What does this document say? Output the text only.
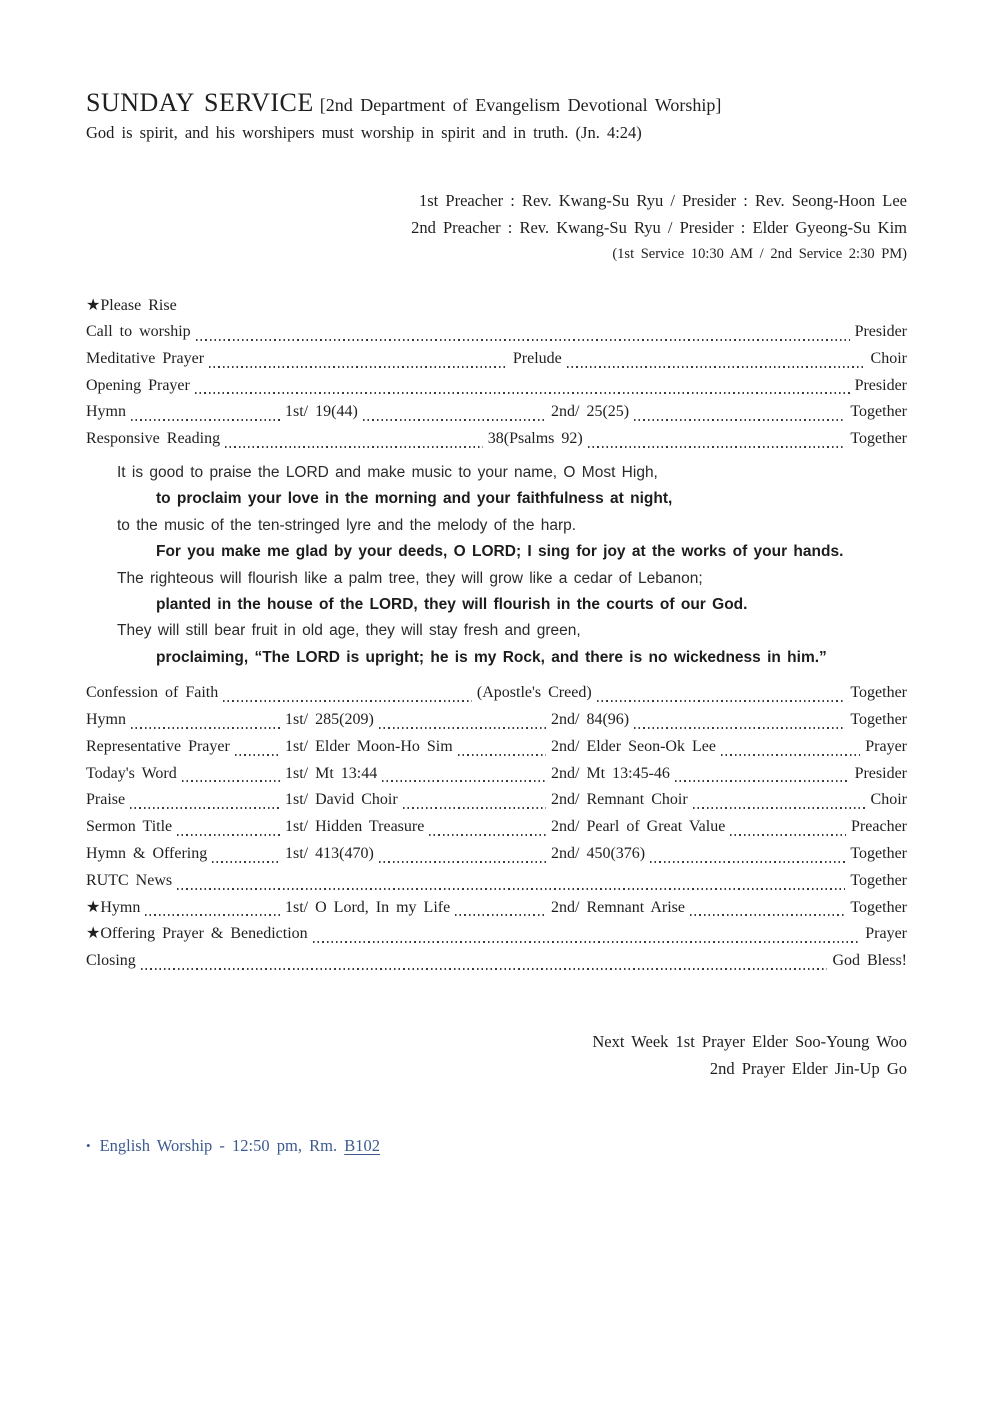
SUNDAY SERVICE [2nd Department of Evangelism Devotional Worship]
God is spirit, and his worshipers must worship in spirit and in truth. (Jn. 4:24)
1st Preacher : Rev. Kwang-Su Ryu / Presider : Rev. Seong-Hoon Lee
2nd Preacher : Rev. Kwang-Su Ryu / Presider : Elder Gyeong-Su Kim
(1st Service 10:30 AM / 2nd Service 2:30 PM)
★Please Rise
Call to worship	Presider
Meditative Prayer	Prelude	Choir
Opening Prayer	Presider
Hymn	1st/ 19(44)	2nd/ 25(25)	Together
Responsive Reading	38(Psalms 92)	Together
It is good to praise the LORD and make music to your name, O Most High,
to proclaim your love in the morning and your faithfulness at night,
to the music of the ten-stringed lyre and the melody of the harp.
For you make me glad by your deeds, O LORD; I sing for joy at the works of your hands.
The righteous will flourish like a palm tree, they will grow like a cedar of Lebanon;
planted in the house of the LORD, they will flourish in the courts of our God.
They will still bear fruit in old age, they will stay fresh and green,
proclaiming, “The LORD is upright; he is my Rock, and there is no wickedness in him.”
Confession of Faith	(Apostle's Creed)	Together
Hymn	1st/ 285(209)	2nd/ 84(96)	Together
Representative Prayer	1st/ Elder Moon-Ho Sim	2nd/ Elder Seon-Ok Lee	Prayer
Today's Word	1st/ Mt 13:44	2nd/ Mt 13:45-46	Presider
Praise	1st/ David Choir	2nd/ Remnant Choir	Choir
Sermon Title	1st/ Hidden Treasure	2nd/ Pearl of Great Value	Preacher
Hymn & Offering	1st/ 413(470)	2nd/ 450(376)	Together
RUTC News	Together
★Hymn	1st/ O Lord, In my Life	2nd/ Remnant Arise	Together
★Offering Prayer & Benediction	Prayer
Closing	God Bless!
Next Week 1st Prayer Elder Soo-Young Woo
2nd Prayer Elder Jin-Up Go
• English Worship - 12:50 pm, Rm. B102
